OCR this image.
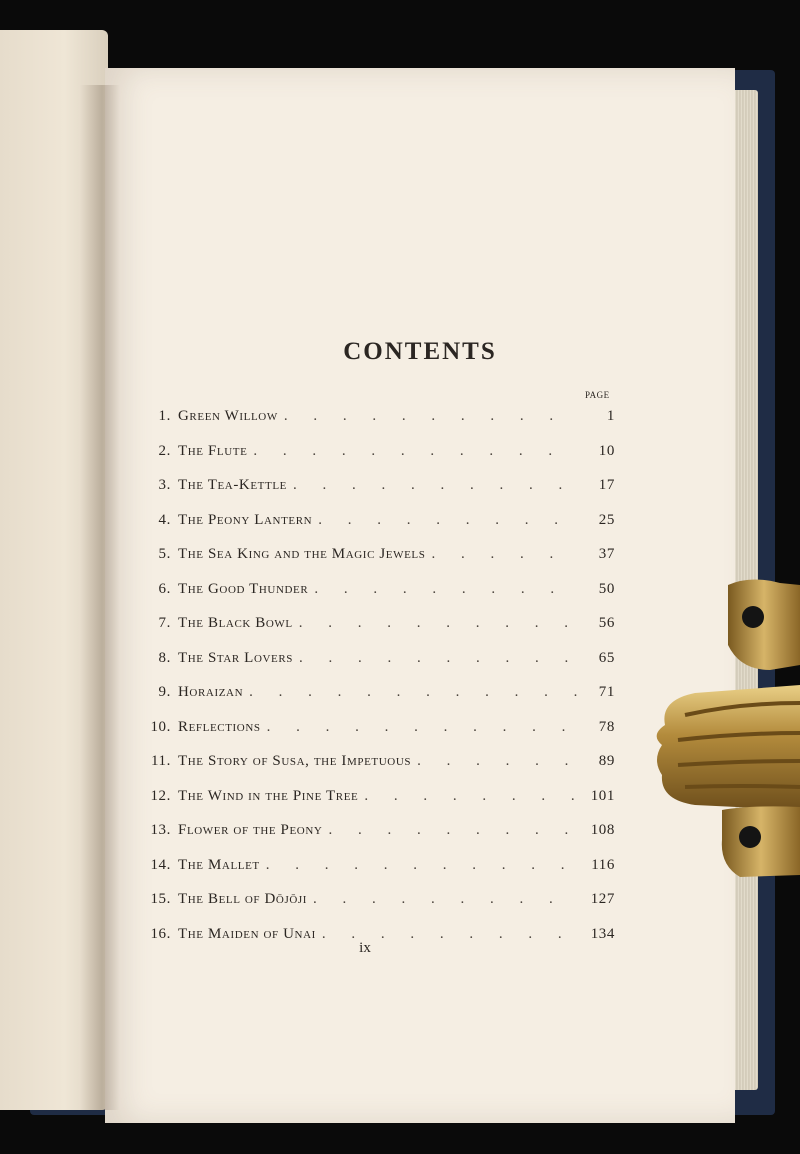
CONTENTS
PAGE
1. Green Willow . . .	1
2. The Flute . . .	10
3. The Tea-Kettle . . .	17
4. The Peony Lantern . . .	25
5. The Sea King and the Magic Jewels . . .	37
6. The Good Thunder . . .	50
7. The Black Bowl . . .	56
8. The Star Lovers . . .	65
9. Horaizan . . .	71
10. Reflections . . .	78
11. The Story of Susa, the Impetuous . . .	89
12. The Wind in the Pine Tree . . .	101
13. Flower of the Peony . . .	108
14. The Mallet . . .	116
15. The Bell of Dōjōji . . .	127
16. The Maiden of Unai . . .	134
ix
